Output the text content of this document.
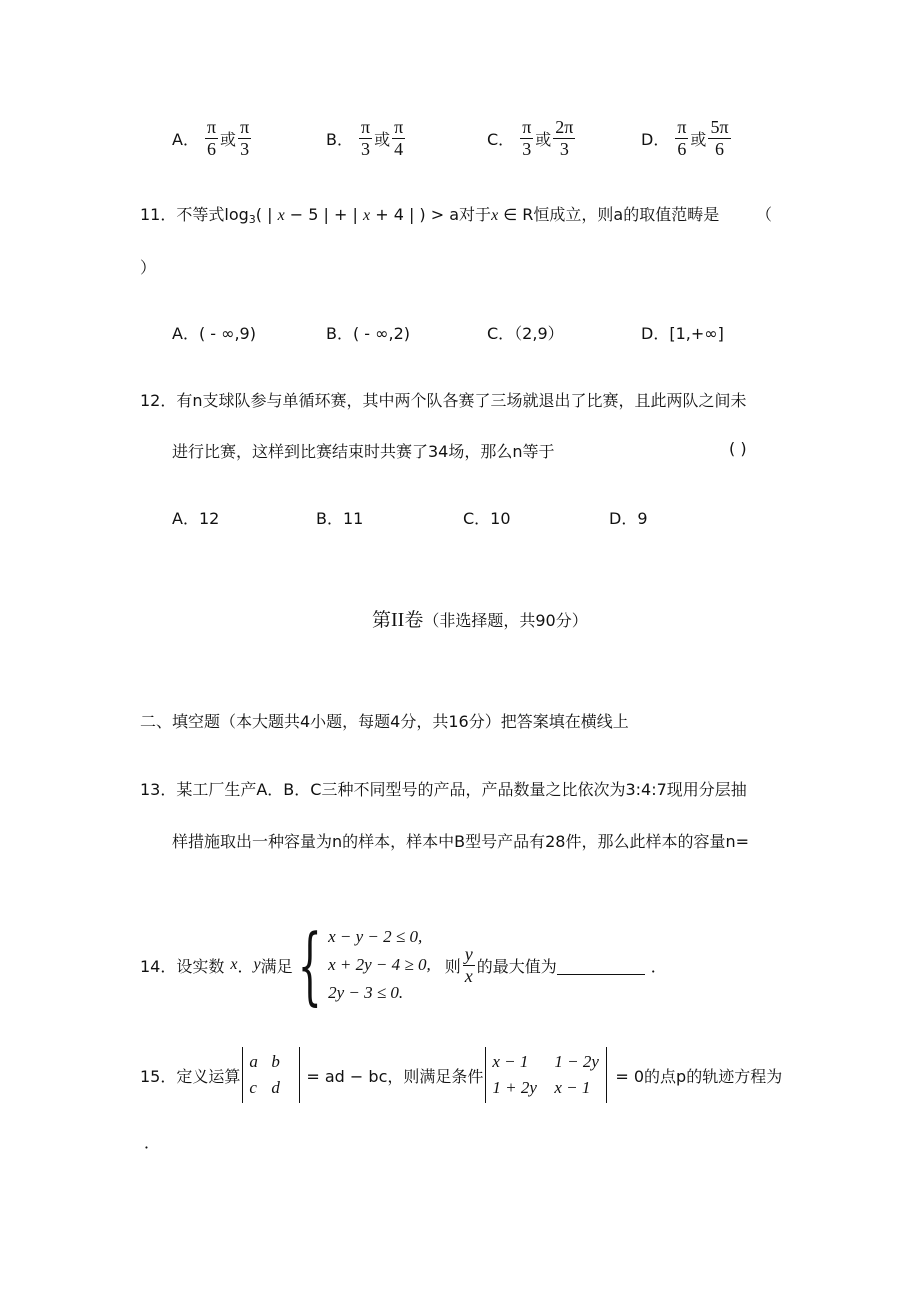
A． $\frac{\pi}{6}$ 或 $\frac{\pi}{3}$	B． $\frac{\pi}{3}$ 或 $\frac{\pi}{4}$	C． $\frac{\pi}{3}$ 或 $\frac{2\pi}{3}$	D． $\frac{\pi}{6}$ 或 $\frac{5\pi}{6}$
11．不等式$\log_3$( | x − 5 | + | x + 4 | ) > a对于x ∈ R恒成立，则a的取值范畴是 （
）
A．( - ∞,9)	B．( - ∞,2)	C．（2,9）	D．[1,+∞]
12．有n支球队参与单循环赛，其中两个队各赛了三场就退出了比赛，且此两队之间未
进行比赛，这样到比赛结束时共赛了34场，那么n等于	( )
A．12	B．11	C．10	D．9
第II卷（非选择题，共90分）
二、填空题（本大题共4小题，每题4分，共16分）把答案填在横线上
13．某工厂生产A．B．C三种不同型号的产品，产品数量之比依次为3:4:7现用分层抽
样措施取出一种容量为n的样本，样本中B型号产品有28件，那么此样本的容量n=
14．设实数 x ． y 满足 { x − y − 2 ≤ 0,
x + 2y − 4 ≥ 0,
2y − 3 ≤ 0.
则 $\frac{y}{x}$ 的最大值为	．
15．定义运算
a b
c d
= ad − bc，则满足条件
x − 1	1 − 2y
1 + 2y	x − 1
= 0的点p的轨迹方程为
．
